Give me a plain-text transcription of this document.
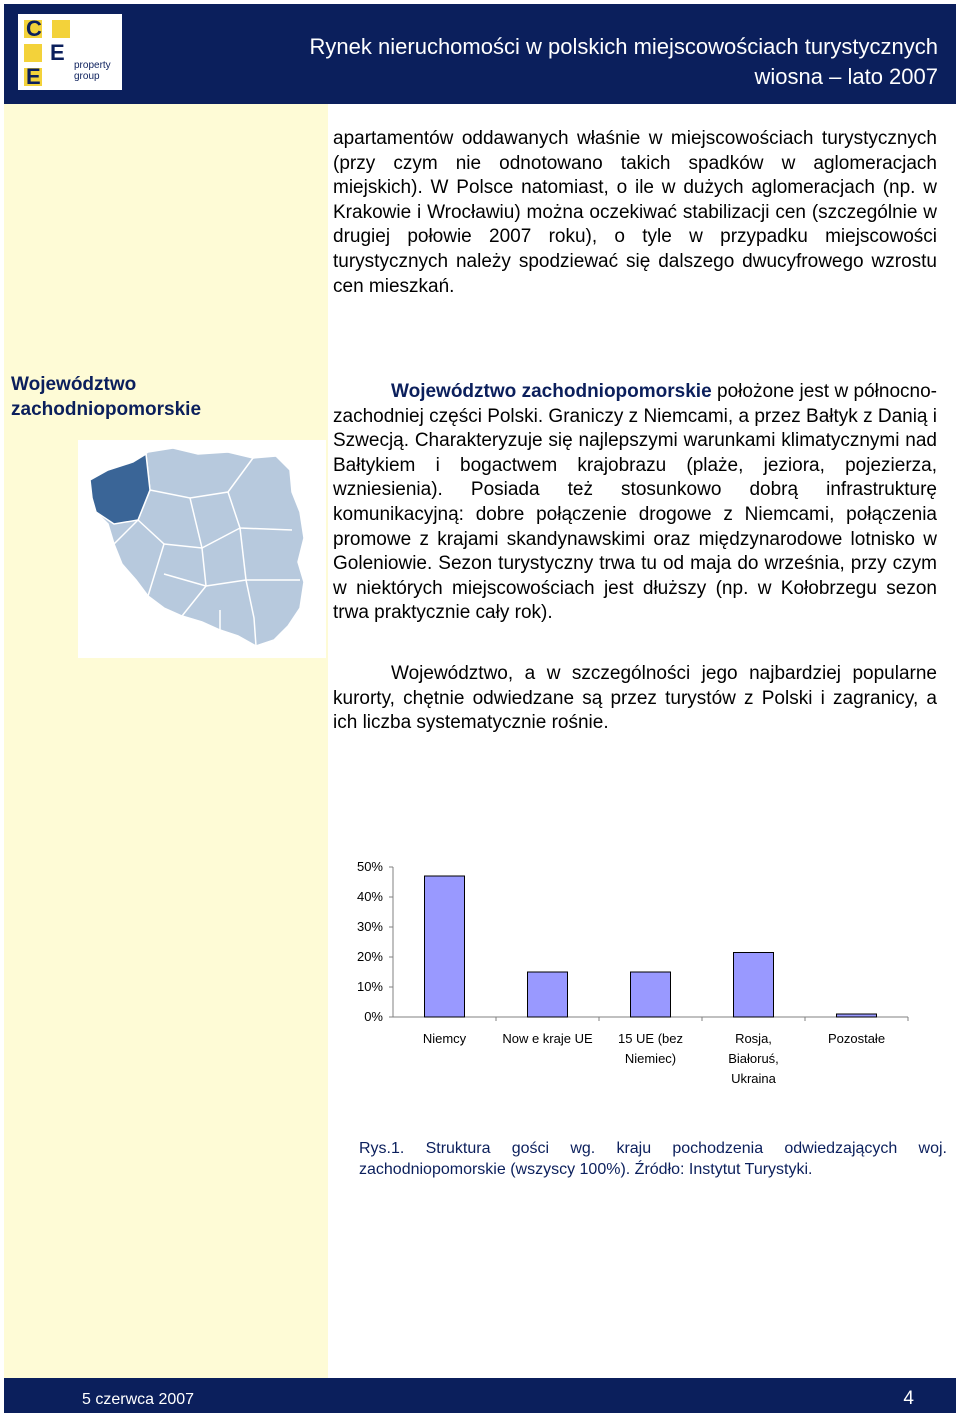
C
E
E	property
group
Rynek nieruchomości w polskich miejscowościach turystycznych
wiosna – lato 2007
Województwo
zachodniopomorskie

apartamentów oddawanych właśnie w miejscowościach turystycznych (przy czym nie odnotowano takich spadków w aglomeracjach miejskich). W Polsce natomiast, o ile w dużych aglomeracjach (np. w Krakowie i Wrocławiu) można oczekiwać stabilizacji cen (szczególnie w drugiej połowie 2007 roku), o tyle w przypadku miejscowości turystycznych należy spodziewać się dalszego dwucyfrowego wzrostu cen mieszkań.

Województwo zachodniopomorskie położone jest w północno-zachodniej części Polski. Graniczy z Niemcami, a przez Bałtyk z Danią i Szwecją. Charakteryzuje się najlepszymi warunkami klimatycznymi nad Bałtykiem i bogactwem krajobrazu (plaże, jeziora, pojezierza, wzniesienia). Posiada też stosunkowo dobrą infrastrukturę komunikacyjną: dobre połączenie drogowe z Niemcami, połączenia promowe z krajami skandynawskimi oraz międzynarodowe lotnisko w Goleniowie. Sezon turystyczny trwa tu od maja do września, przy czym w niektórych miejscowościach jest dłuższy (np. w Kołobrzegu sezon trwa praktycznie cały rok).

Województwo, a w szczególności jego najbardziej popularne kurorty, chętnie odwiedzane są przez turystów z Polski i zagranicy, a ich liczba systematycznie rośnie.

0%
10%
20%
30%
40%
50%
Niemcy	Now e kraje UE 15 UE (bez
Niemiec)
Rosja,
Białoruś,
Ukraina
Pozostałe

Rys.1. Struktura gości wg. kraju pochodzenia odwiedzających woj. zachodniopomorskie (wszyscy 100%). Źródło: Instytut Turystyki.

5 czerwca 2007	4
